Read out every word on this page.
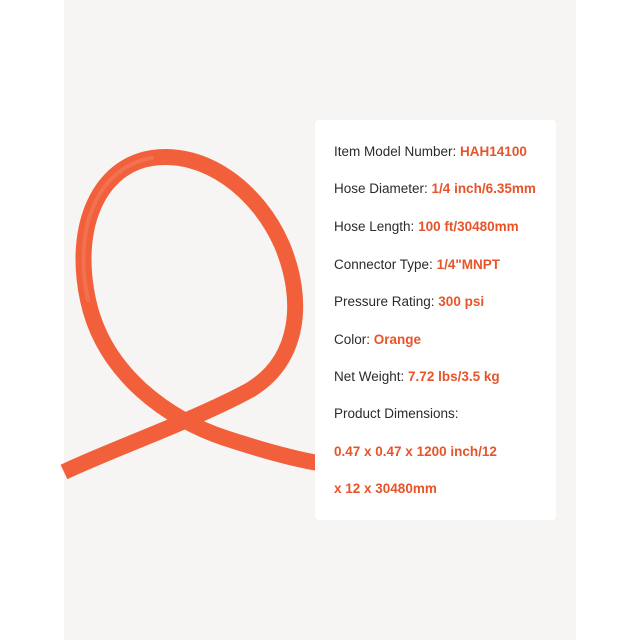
Item Model Number: HAH14100
Hose Diameter: 1/4 inch/6.35mm
Hose Length: 100 ft/30480mm
Connector Type: 1/4"MNPT
Pressure Rating: 300 psi
Color: Orange
Net Weight: 7.72 lbs/3.5 kg
Product Dimensions:
0.47 x 0.47 x 1200 inch/12
x 12 x 30480mm
